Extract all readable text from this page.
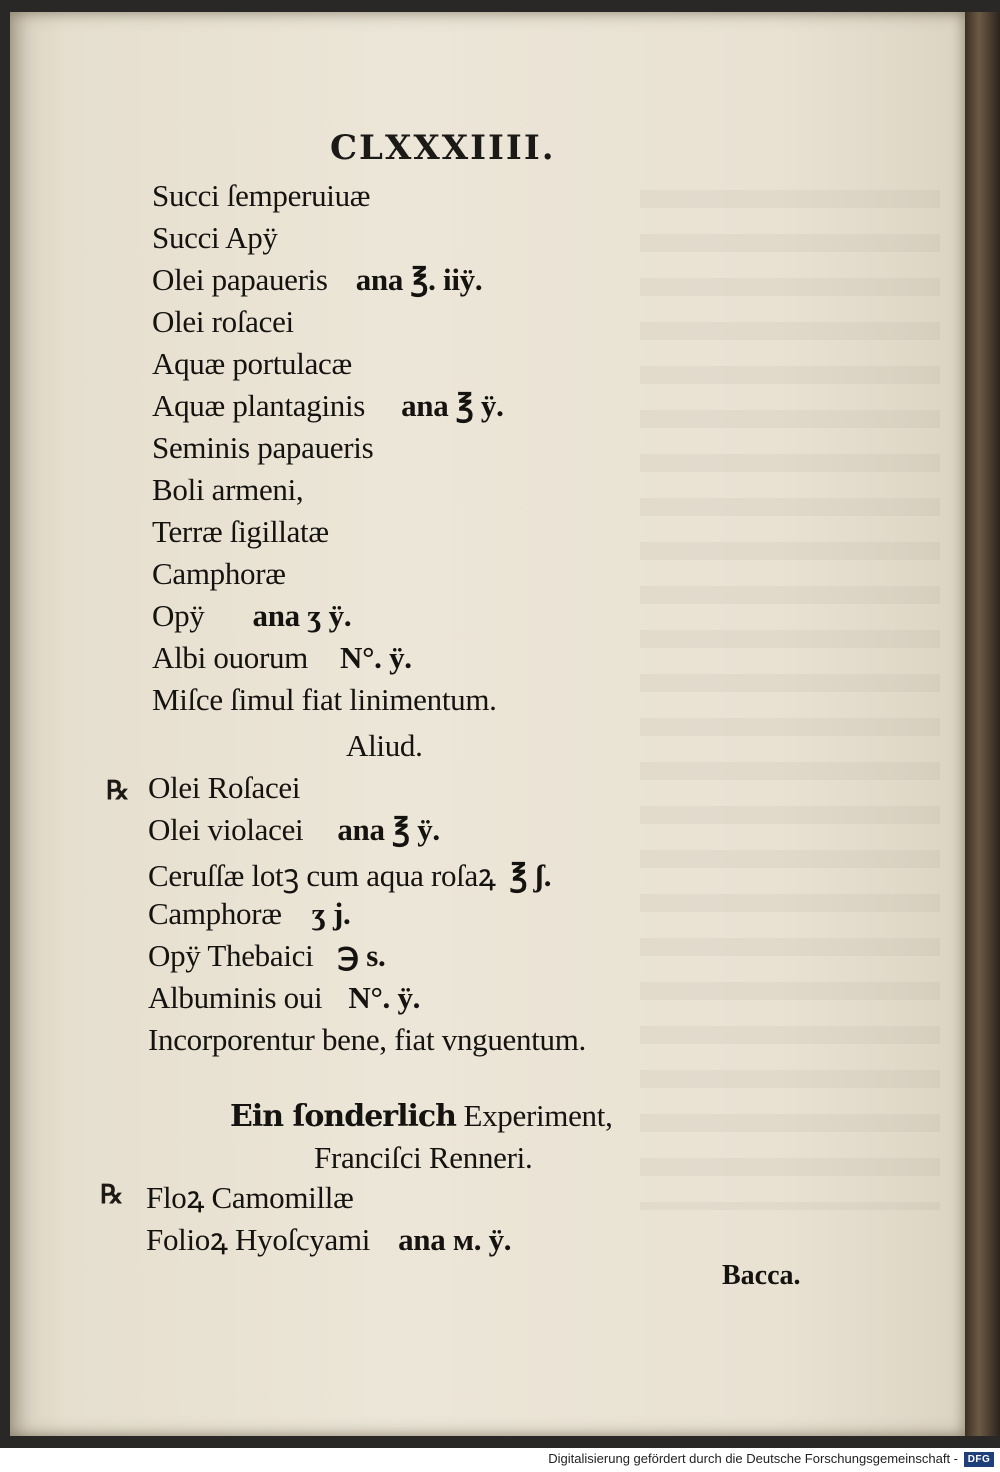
CLXXXIIII.
Succi ſemperuiuæ
Succi Apÿ
Olei papaueris ana ℥. iiÿ.
Olei roſacei
Aquæ portulacæ
Aquæ plantaginis ana ℥ ÿ.
Seminis papaueris
Boli armeni,
Terræ ſigillatæ
Camphoræ
Opÿ ana ʒ ÿ.
Albi ouorum N°. ÿ.
Miſce ſimul fiat linimentum.
Aliud.
℞ Olei Roſacei
Olei violacei ana ℥ ÿ.
Ceruſſæ lotꝫ cum aqua roſaꝝ ℥ ʃ.
Camphoræ ʒ j.
Opÿ Thebaici ℈ s.
Albuminis oui N°. ÿ.
Incorporentur bene, fiat vnguentum.
Ein ſonderlich Experiment,
Franciſci Renneri.
℞ Floꝝ Camomillæ
Folioꝝ Hyoſcyami ana м. ÿ.
Bacca.
Digitalisierung gefördert durch die Deutsche Forschungsgemeinschaft - DFG
